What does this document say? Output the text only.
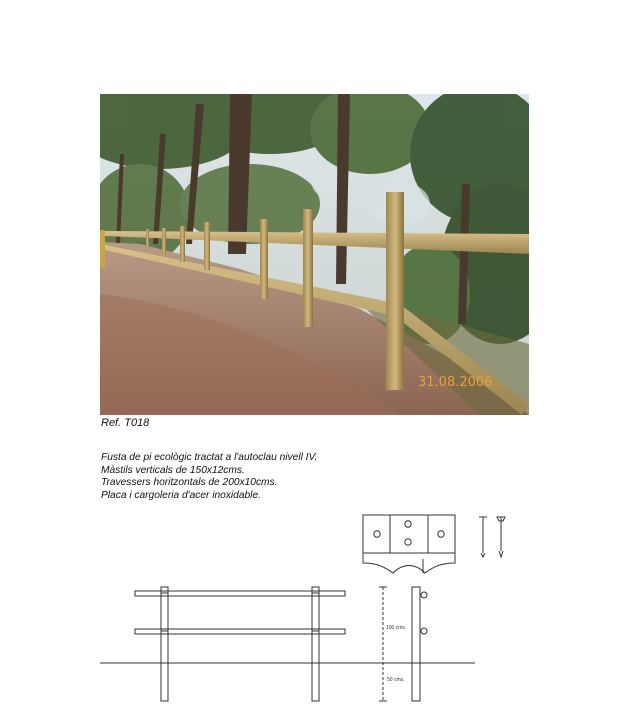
31.08.2006
Ref. T018
Fusta de pi ecològic tractat a l'autoclau nivell IV.
Màstils verticals de 150x12cms.
Travessers horitzontals de 200x10cms.
Placa i cargoleria d'acer inoxidable.
100 cms.
50 cms.
